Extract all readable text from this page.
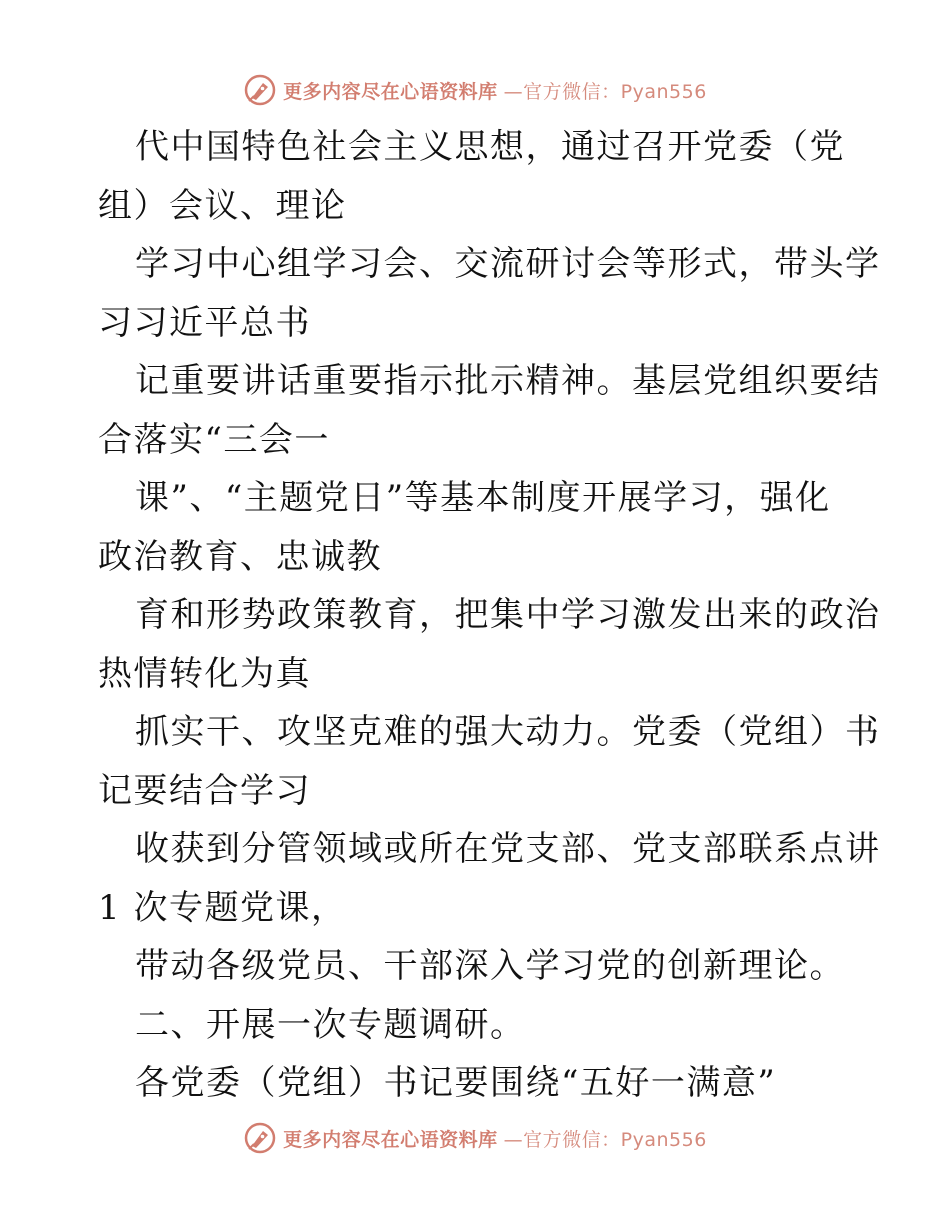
更多内容尽在心语资料库 —官方微信：Pyan556
代中国特色社会主义思想，通过召开党委（党
组）会议、理论
学习中心组学习会、交流研讨会等形式，带头学
习习近平总书
记重要讲话重要指示批示精神。基层党组织要结
合落实“三会一
课”、“主题党日”等基本制度开展学习，强化
政治教育、忠诚教
育和形势政策教育，把集中学习激发出来的政治
热情转化为真
抓实干、攻坚克难的强大动力。党委（党组）书
记要结合学习
收获到分管领域或所在党支部、党支部联系点讲
1 次专题党课，
带动各级党员、干部深入学习党的创新理论。
二、开展一次专题调研。
各党委（党组）书记要围绕“五好一满意”
更多内容尽在心语资料库 —官方微信：Pyan556
